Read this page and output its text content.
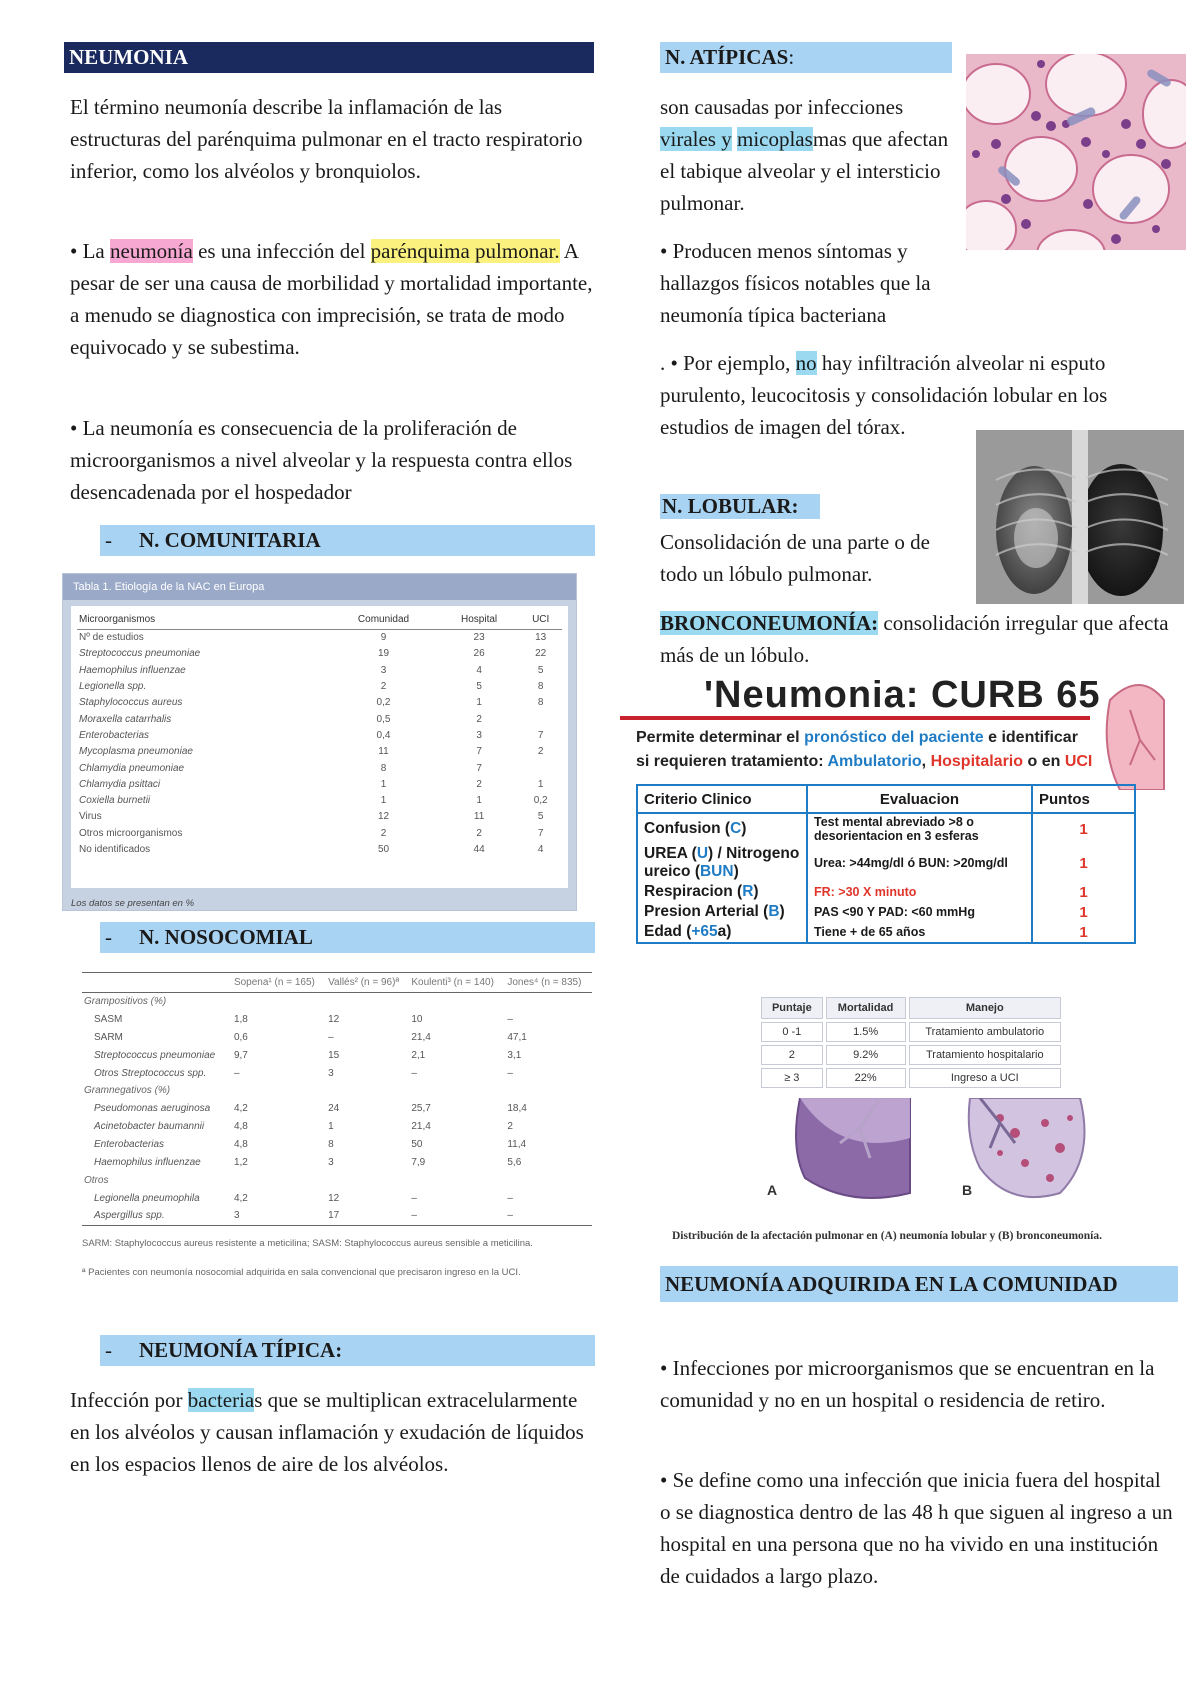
NEUMONIA

El término neumonía describe la inflamación de las estructuras del parénquima pulmonar en el tracto respiratorio inferior, como los alvéolos y bronquiolos.

• La neumonía es una infección del parénquima pulmonar. A pesar de ser una causa de morbilidad y mortalidad importante, a menudo se diagnostica con imprecisión, se trata de modo equivocado y se subestima.

• La neumonía es consecuencia de la proliferación de microorganismos a nivel alveolar y la respuesta contra ellos desencadenada por el hospedador

- N. COMUNITARIA
Tabla 1. Etiología de la NAC en Europa
Microorganismos	Comunidad	Hospital	UCI
Nº de estudios	9	23	13
Streptococcus pneumoniae	19	26	22
Haemophilus influenzae	3	4	5
Legionella spp.	2	5	8
Staphylococcus aureus	0,2	1	8
Moraxella catarrhalis	0,5	2	
Enterobacterias	0,4	3	7
Mycoplasma pneumoniae	11	7	2
Chlamydia pneumoniae	8	7	
Chlamydia psittaci	1	2	1
Coxiella burnetii	1	1	0,2
Virus	12	11	5
Otros microorganismos	2	2	7
No identificados	50	44	4
Los datos se presentan en %
- N. NOSOCOMIAL
	Sopena¹ (n = 165)	Vallés² (n = 96)ª	Koulenti³ (n = 140)	Jones⁴ (n = 835)
Grampositivos (%)				
SASM	1,8	12	10	–
SARM	0,6	–	21,4	47,1
Streptococcus pneumoniae	9,7	15	2,1	3,1
Otros Streptococcus spp.	–	3	–	–
Gramnegativos (%)				
Pseudomonas aeruginosa	4,2	24	25,7	18,4
Acinetobacter baumannii	4,8	1	21,4	2
Enterobacterias	4,8	8	50	11,4
Haemophilus influenzae	1,2	3	7,9	5,6
Otros				
Legionella pneumophila	4,2	12	–	–
Aspergillus spp.	3	17	–	–
SARM: Staphylococcus aureus resistente a meticilina; SASM: Staphylococcus aureus sensible a meticilina.
ª Pacientes con neumonía nosocomial adquirida en sala convencional que precisaron ingreso en la UCI.
- NEUMONÍA TÍPICA:

Infección por bacterias que se multiplican extracelularmente en los alvéolos y causan inflamación y exudación de líquidos en los espacios llenos de aire de los alvéolos.

N. ATÍPICAS:

son causadas por infecciones virales y micoplasmas que afectan el tabique alveolar y el intersticio pulmonar.

• Producen menos síntomas y hallazgos físicos notables que la neumonía típica bacteriana

. • Por ejemplo, no hay infiltración alveolar ni esputo purulento, leucocitosis y consolidación lobular en los estudios de imagen del tórax.

N. LOBULAR:

Consolidación de una parte o de todo un lóbulo pulmonar.

BRONCONEUMONÍA: consolidación irregular que afecta más de un lóbulo.

'Neumonia: CURB 65
Permite determinar el pronóstico del paciente e identificar
si requieren tratamiento: Ambulatorio, Hospitalario o en UCI
Criterio Clinico	Evaluacion	Puntos
Confusion (C)	Test mental abreviado >8 o desorientacion en 3 esferas	1
UREA (U) / Nitrogeno ureico (BUN)	Urea: >44mg/dl ó BUN: >20mg/dl	1
Respiracion (R)	FR: >30 X minuto	1
Presion Arterial (B)	PAS <90 Y PAD: <60 mmHg	1
Edad (+65a)	Tiene + de 65 años	1
Puntaje	Mortalidad	Manejo
0 -1	1.5%	Tratamiento ambulatorio
2	9.2%	Tratamiento hospitalario
≥ 3	22%	Ingreso a UCI
A	B
Distribución de la afectación pulmonar en (A) neumonía lobular y (B) bronconeumonía.
NEUMONÍA ADQUIRIDA EN LA COMUNIDAD

• Infecciones por microorganismos que se encuentran en la comunidad y no en un hospital o residencia de retiro.

• Se define como una infección que inicia fuera del hospital o se diagnostica dentro de las 48 h que siguen al ingreso a un hospital en una persona que no ha vivido en una institución de cuidados a largo plazo.
